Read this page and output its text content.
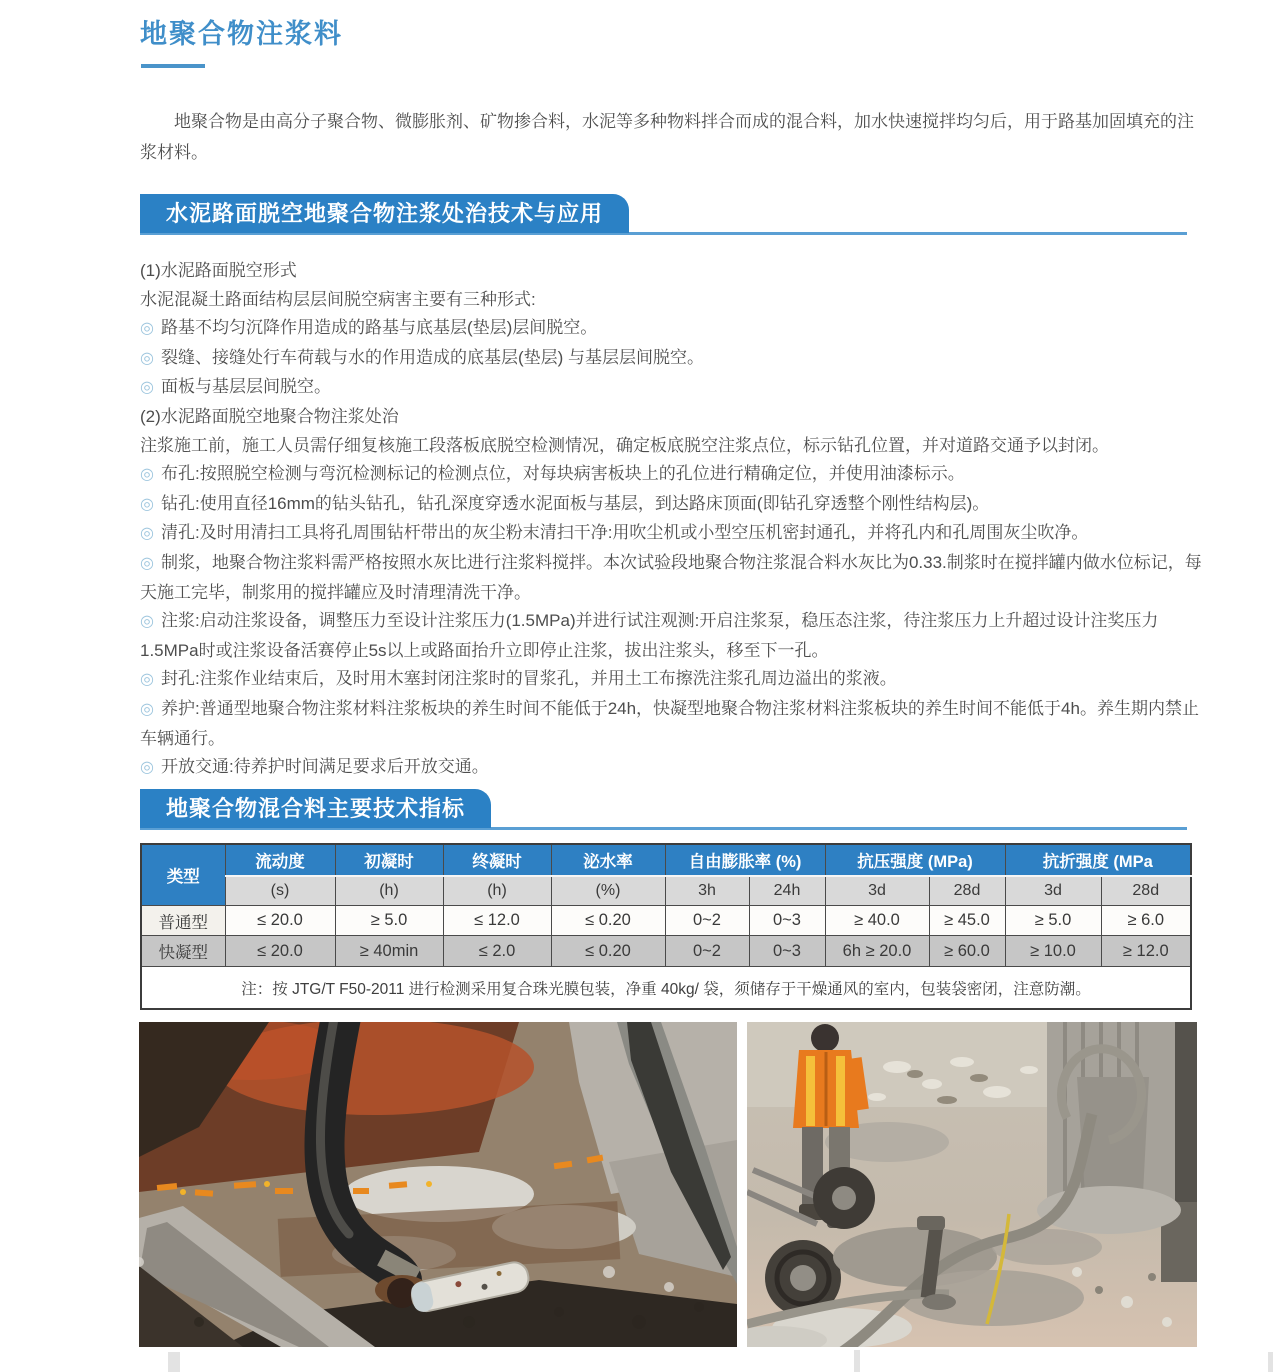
地聚合物注浆料
地聚合物是由高分子聚合物、微膨胀剂、矿物掺合料，水泥等多种物料拌合而成的混合料，加水快速搅拌均匀后，用于路基加固填充的注浆材料。
水泥路面脱空地聚合物注浆处治技术与应用

(1)水泥路面脱空形式

水泥混凝土路面结构层层间脱空病害主要有三种形式:

◎ 路基不均匀沉降作用造成的路基与底基层(垫层)层间脱空。

◎ 裂缝、接缝处行车荷载与水的作用造成的底基层(垫层) 与基层层间脱空。

◎ 面板与基层层间脱空。

(2)水泥路面脱空地聚合物注浆处治

注浆施工前，施工人员需仔细复核施工段落板底脱空检测情况，确定板底脱空注浆点位，标示钻孔位置，并对道路交通予以封闭。

◎ 布孔:按照脱空检测与弯沉检测标记的检测点位，对每块病害板块上的孔位进行精确定位，并使用油漆标示。

◎ 钻孔:使用直径16mm的钻头钻孔，钻孔深度穿透水泥面板与基层，到达路床顶面(即钻孔穿透整个刚性结构层)。

◎ 清孔:及时用清扫工具将孔周围钻杆带出的灰尘粉末清扫干净:用吹尘机或小型空压机密封通孔，并将孔内和孔周围灰尘吹净。

◎ 制浆，地聚合物注浆料需严格按照水灰比进行注浆料搅拌。本次试验段地聚合物注浆混合料水灰比为0.33.制浆时在搅拌罐内做水位标记，每天施工完毕，制浆用的搅拌罐应及时清理清洗干净。

◎ 注浆:启动注浆设备，调整压力至设计注浆压力(1.5MPa)并进行试注观测:开启注浆泵，稳压态注浆，待注浆压力上升超过设计注奖压力1.5MPa时或注浆设备活赛停止5s以上或路面抬升立即停止注浆，拔出注浆头，移至下一孔。

◎ 封孔:注浆作业结束后，及时用木塞封闭注浆时的冒浆孔，并用土工布擦洗注浆孔周边溢出的浆液。

◎ 养护:普通型地聚合物注浆材料注浆板块的养生时间不能低于24h，快凝型地聚合物注浆材料注浆板块的养生时间不能低于4h。养生期内禁止车辆通行。

◎ 开放交通:待养护时间满足要求后开放交通。

地聚合物混合料主要技术指标
类型	流动度	初凝时	终凝时	泌水率	自由膨胀率 (%)		抗压强度 (MPa)		抗折强度 (MPa	
	(s)	(h)	(h)	(%)	3h	24h	3d	28d	3d	28d
普通型	≤ 20.0	≥ 5.0	≤ 12.0	≤ 0.20	0~2	0~3	≥ 40.0	≥ 45.0	≥ 5.0	≥ 6.0
快凝型	≤ 20.0	≥ 40min	≤ 2.0	≤ 0.20	0~2	0~3	6h ≥ 20.0	≥ 60.0	≥ 10.0	≥ 12.0
注：按 JTG/T F50-2011 进行检测采用复合珠光膜包装，净重 40kg/ 袋，须储存于干燥通风的室内，包装袋密闭，注意防潮。										
